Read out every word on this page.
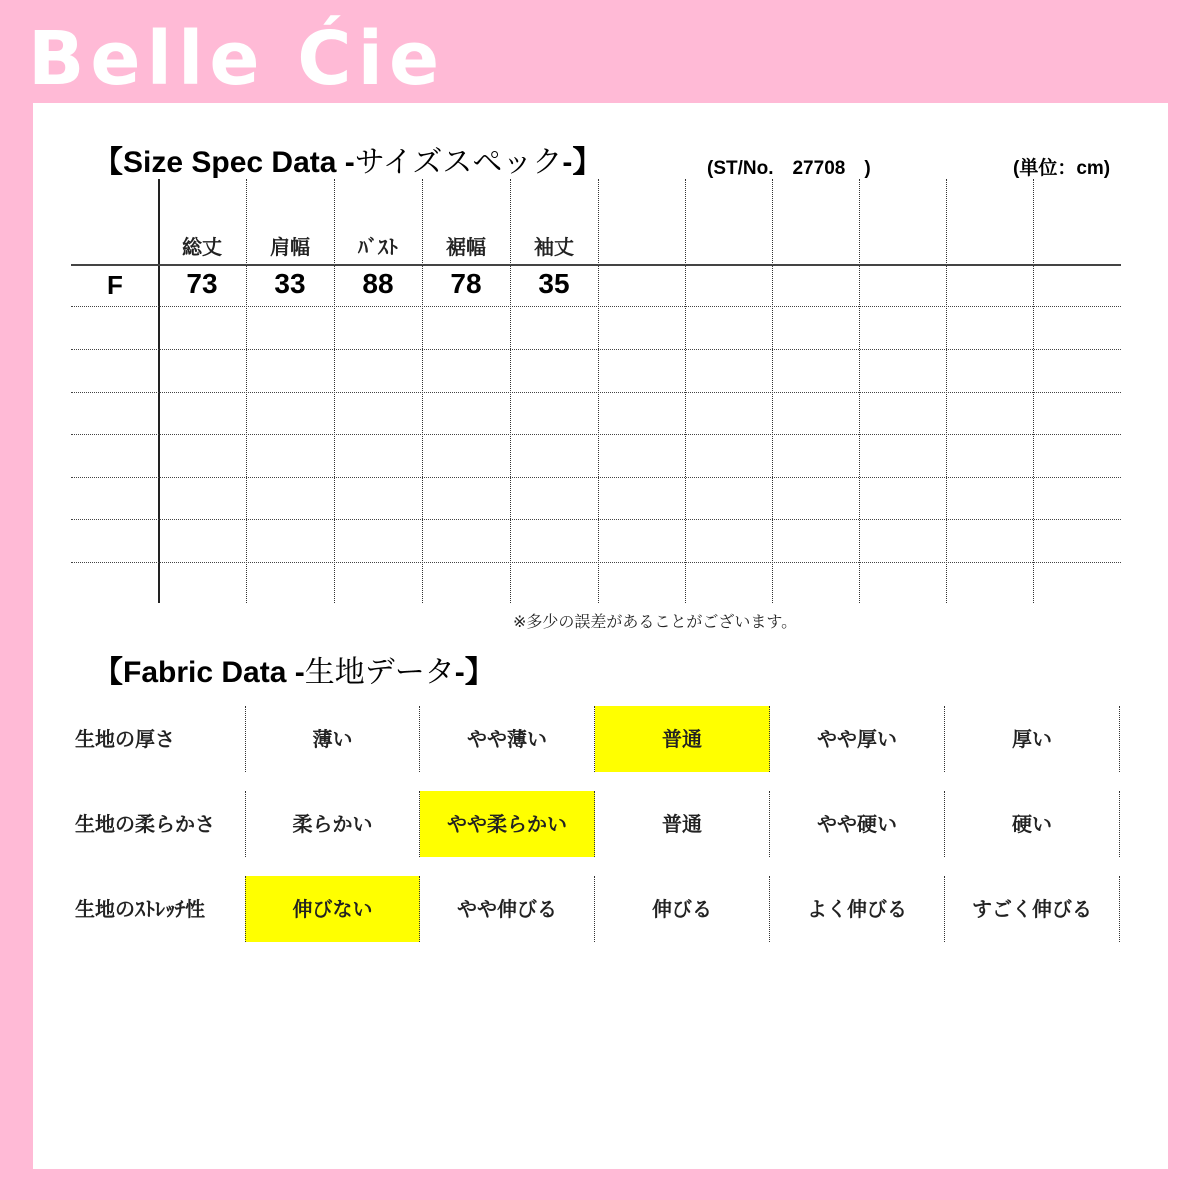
Belle Ćie
【Size Spec Data -サイズスペック-】	(ST/No.　27708　)	(単位：cm)
総丈	肩幅	ﾊﾞｽﾄ	裾幅	袖丈
F	73	33	88	78	35
※多少の誤差があることがございます。
【Fabric Data -生地データ-】
生地の厚さ	薄い	やや薄い	普通	やや厚い	厚い
生地の柔らかさ	柔らかい	やや柔らかい	普通	やや硬い	硬い
生地のｽﾄﾚｯﾁ性	伸びない	やや伸びる	伸びる	よく伸びる	すごく伸びる
